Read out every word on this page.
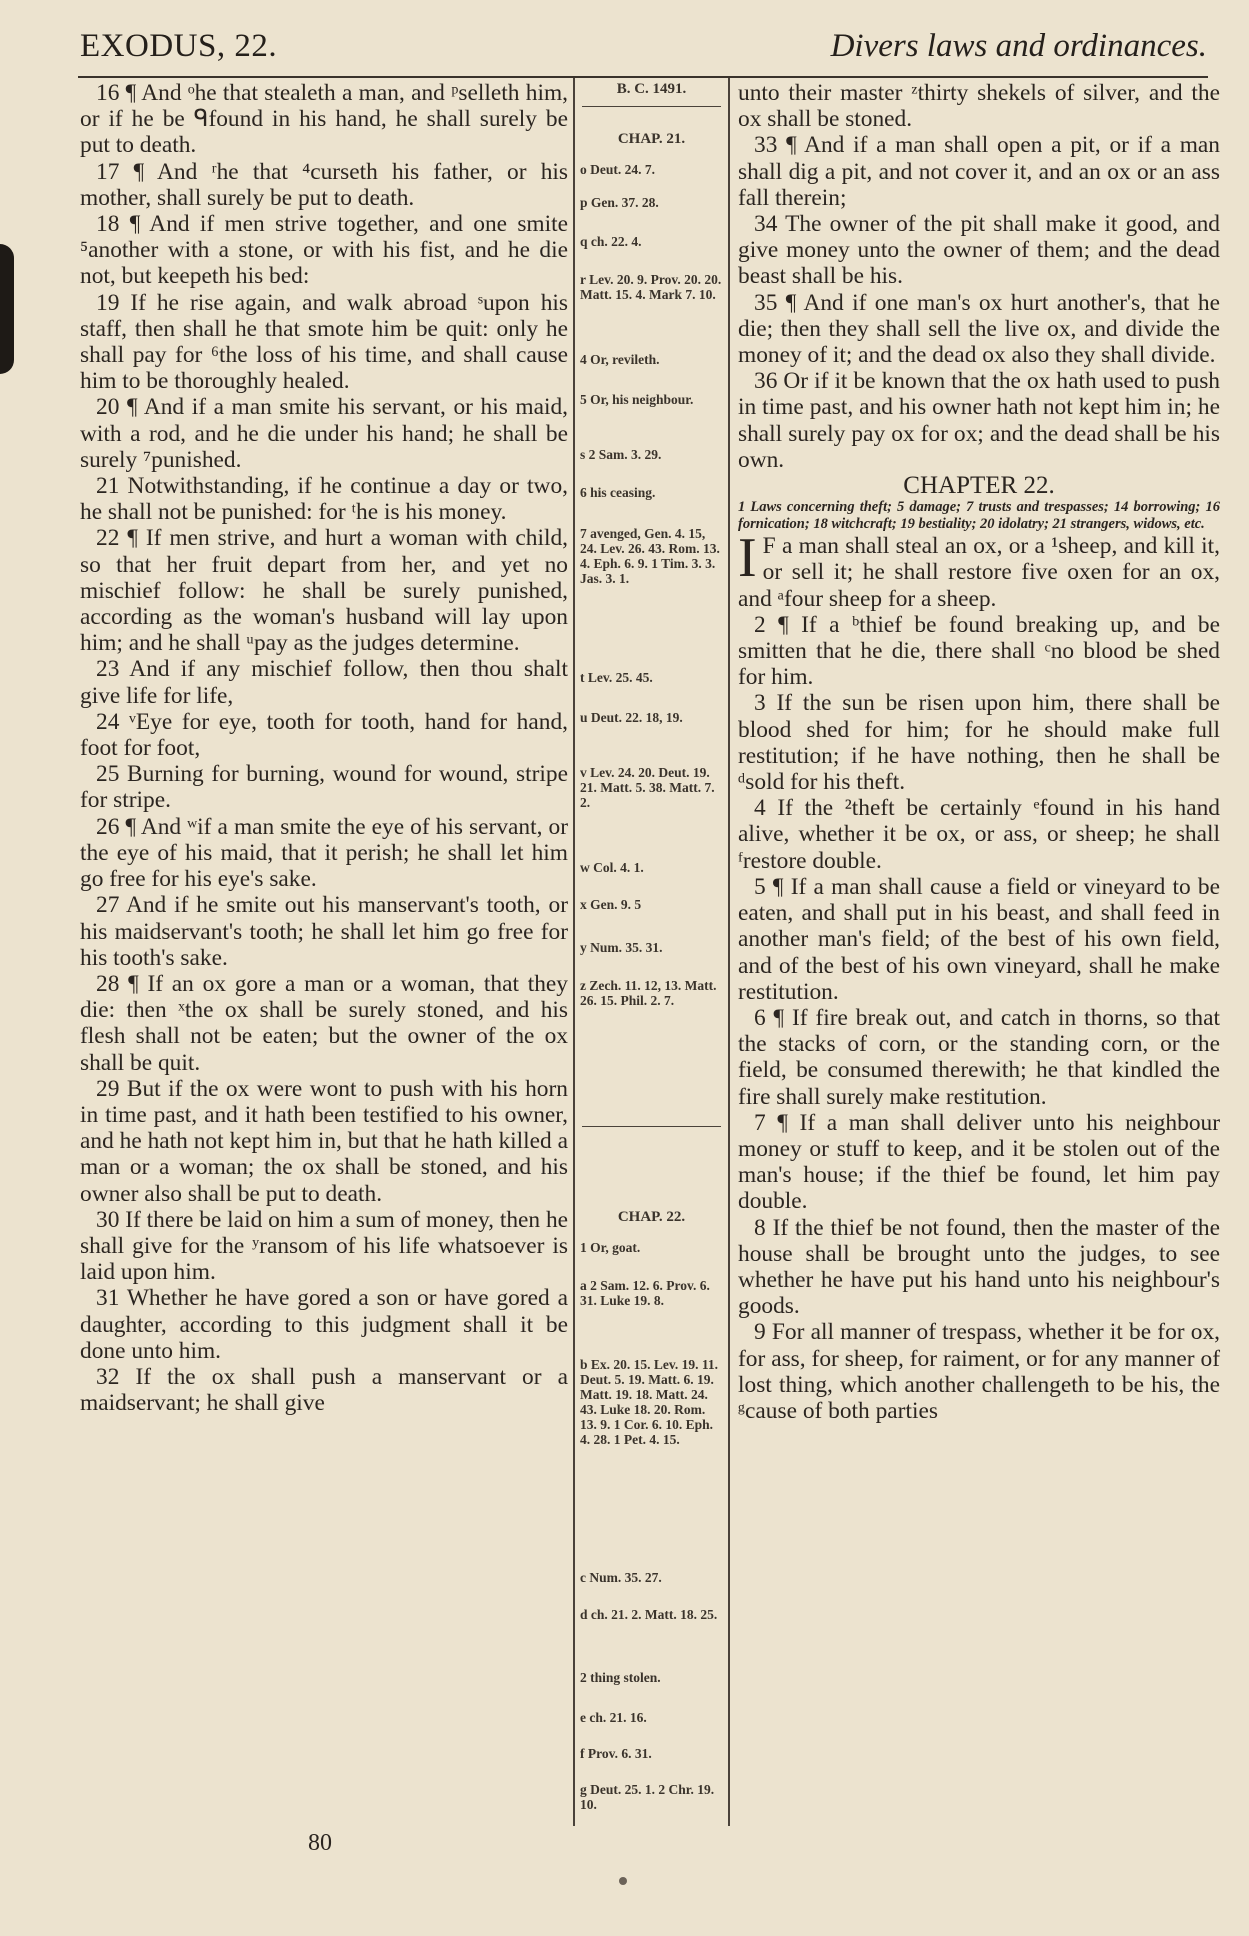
EXODUS, 22.	Divers laws and ordinances.

16 ¶ And ᵒhe that stealeth a man, and ᵖselleth him, or if he be ᑫfound in his hand, he shall surely be put to death.

17 ¶ And ʳhe that ⁴curseth his father, or his mother, shall surely be put to death.

18 ¶ And if men strive together, and one smite ⁵another with a stone, or with his fist, and he die not, but keepeth his bed:

19 If he rise again, and walk abroad ˢupon his staff, then shall he that smote him be quit: only he shall pay for ⁶the loss of his time, and shall cause him to be thoroughly healed.

20 ¶ And if a man smite his servant, or his maid, with a rod, and he die under his hand; he shall be surely ⁷punished.

21 Notwithstanding, if he continue a day or two, he shall not be punished: for ᵗhe is his money.

22 ¶ If men strive, and hurt a woman with child, so that her fruit depart from her, and yet no mischief follow: he shall be surely punished, according as the woman's husband will lay upon him; and he shall ᵘpay as the judges determine.

23 And if any mischief follow, then thou shalt give life for life,

24 ᵛEye for eye, tooth for tooth, hand for hand, foot for foot,

25 Burning for burning, wound for wound, stripe for stripe.

26 ¶ And ʷif a man smite the eye of his servant, or the eye of his maid, that it perish; he shall let him go free for his eye's sake.

27 And if he smite out his manservant's tooth, or his maidservant's tooth; he shall let him go free for his tooth's sake.

28 ¶ If an ox gore a man or a woman, that they die: then ˣthe ox shall be surely stoned, and his flesh shall not be eaten; but the owner of the ox shall be quit.

29 But if the ox were wont to push with his horn in time past, and it hath been testified to his owner, and he hath not kept him in, but that he hath killed a man or a woman; the ox shall be stoned, and his owner also shall be put to death.

30 If there be laid on him a sum of money, then he shall give for the ʸransom of his life whatsoever is laid upon him.

31 Whether he have gored a son or have gored a daughter, according to this judgment shall it be done unto him.

32 If the ox shall push a manservant or a maidservant; he shall give

B. C. 1491.
CHAP. 21.
o Deut. 24. 7.
p Gen. 37. 28.
q ch. 22. 4.
r Lev. 20. 9. Prov. 20. 20. Matt. 15. 4. Mark 7. 10.
4 Or, revileth.
5 Or, his neighbour.
s 2 Sam. 3. 29.
6 his ceasing.
7 avenged, Gen. 4. 15, 24. Lev. 26. 43. Rom. 13. 4. Eph. 6. 9. 1 Tim. 3. 3. Jas. 3. 1.
t Lev. 25. 45.
u Deut. 22. 18, 19.
v Lev. 24. 20. Deut. 19. 21. Matt. 5. 38. Matt. 7. 2.
w Col. 4. 1.
x Gen. 9. 5
y Num. 35. 31.
z Zech. 11. 12, 13. Matt. 26. 15. Phil. 2. 7.
CHAP. 22.
1 Or, goat.
a 2 Sam. 12. 6. Prov. 6. 31. Luke 19. 8.
b Ex. 20. 15. Lev. 19. 11. Deut. 5. 19. Matt. 6. 19. Matt. 19. 18. Matt. 24. 43. Luke 18. 20. Rom. 13. 9. 1 Cor. 6. 10. Eph. 4. 28. 1 Pet. 4. 15.
c Num. 35. 27.
d ch. 21. 2. Matt. 18. 25.
2 thing stolen.
e ch. 21. 16.
f Prov. 6. 31.
g Deut. 25. 1. 2 Chr. 19. 10.

unto their master ᶻthirty shekels of silver, and the ox shall be stoned.

33 ¶ And if a man shall open a pit, or if a man shall dig a pit, and not cover it, and an ox or an ass fall therein;

34 The owner of the pit shall make it good, and give money unto the owner of them; and the dead beast shall be his.

35 ¶ And if one man's ox hurt another's, that he die; then they shall sell the live ox, and divide the money of it; and the dead ox also they shall divide.

36 Or if it be known that the ox hath used to push in time past, and his owner hath not kept him in; he shall surely pay ox for ox; and the dead shall be his own.

CHAPTER 22.

1 Laws concerning theft; 5 damage; 7 trusts and trespasses; 14 borrowing; 16 fornication; 18 witchcraft; 19 bestiality; 20 idolatry; 21 strangers, widows, etc.

I F a man shall steal an ox, or a ¹sheep, and kill it, or sell it; he shall restore five oxen for an ox, and ᵃfour sheep for a sheep.

2 ¶ If a ᵇthief be found breaking up, and be smitten that he die, there shall ᶜno blood be shed for him.

3 If the sun be risen upon him, there shall be blood shed for him; for he should make full restitution; if he have nothing, then he shall be ᵈsold for his theft.

4 If the ²theft be certainly ᵉfound in his hand alive, whether it be ox, or ass, or sheep; he shall ᶠrestore double.

5 ¶ If a man shall cause a field or vineyard to be eaten, and shall put in his beast, and shall feed in another man's field; of the best of his own field, and of the best of his own vineyard, shall he make restitution.

6 ¶ If fire break out, and catch in thorns, so that the stacks of corn, or the standing corn, or the field, be consumed therewith; he that kindled the fire shall surely make restitution.

7 ¶ If a man shall deliver unto his neighbour money or stuff to keep, and it be stolen out of the man's house; if the thief be found, let him pay double.

8 If the thief be not found, then the master of the house shall be brought unto the judges, to see whether he have put his hand unto his neighbour's goods.

9 For all manner of trespass, whether it be for ox, for ass, for sheep, for raiment, or for any manner of lost thing, which another challengeth to be his, the ᵍcause of both parties

80
